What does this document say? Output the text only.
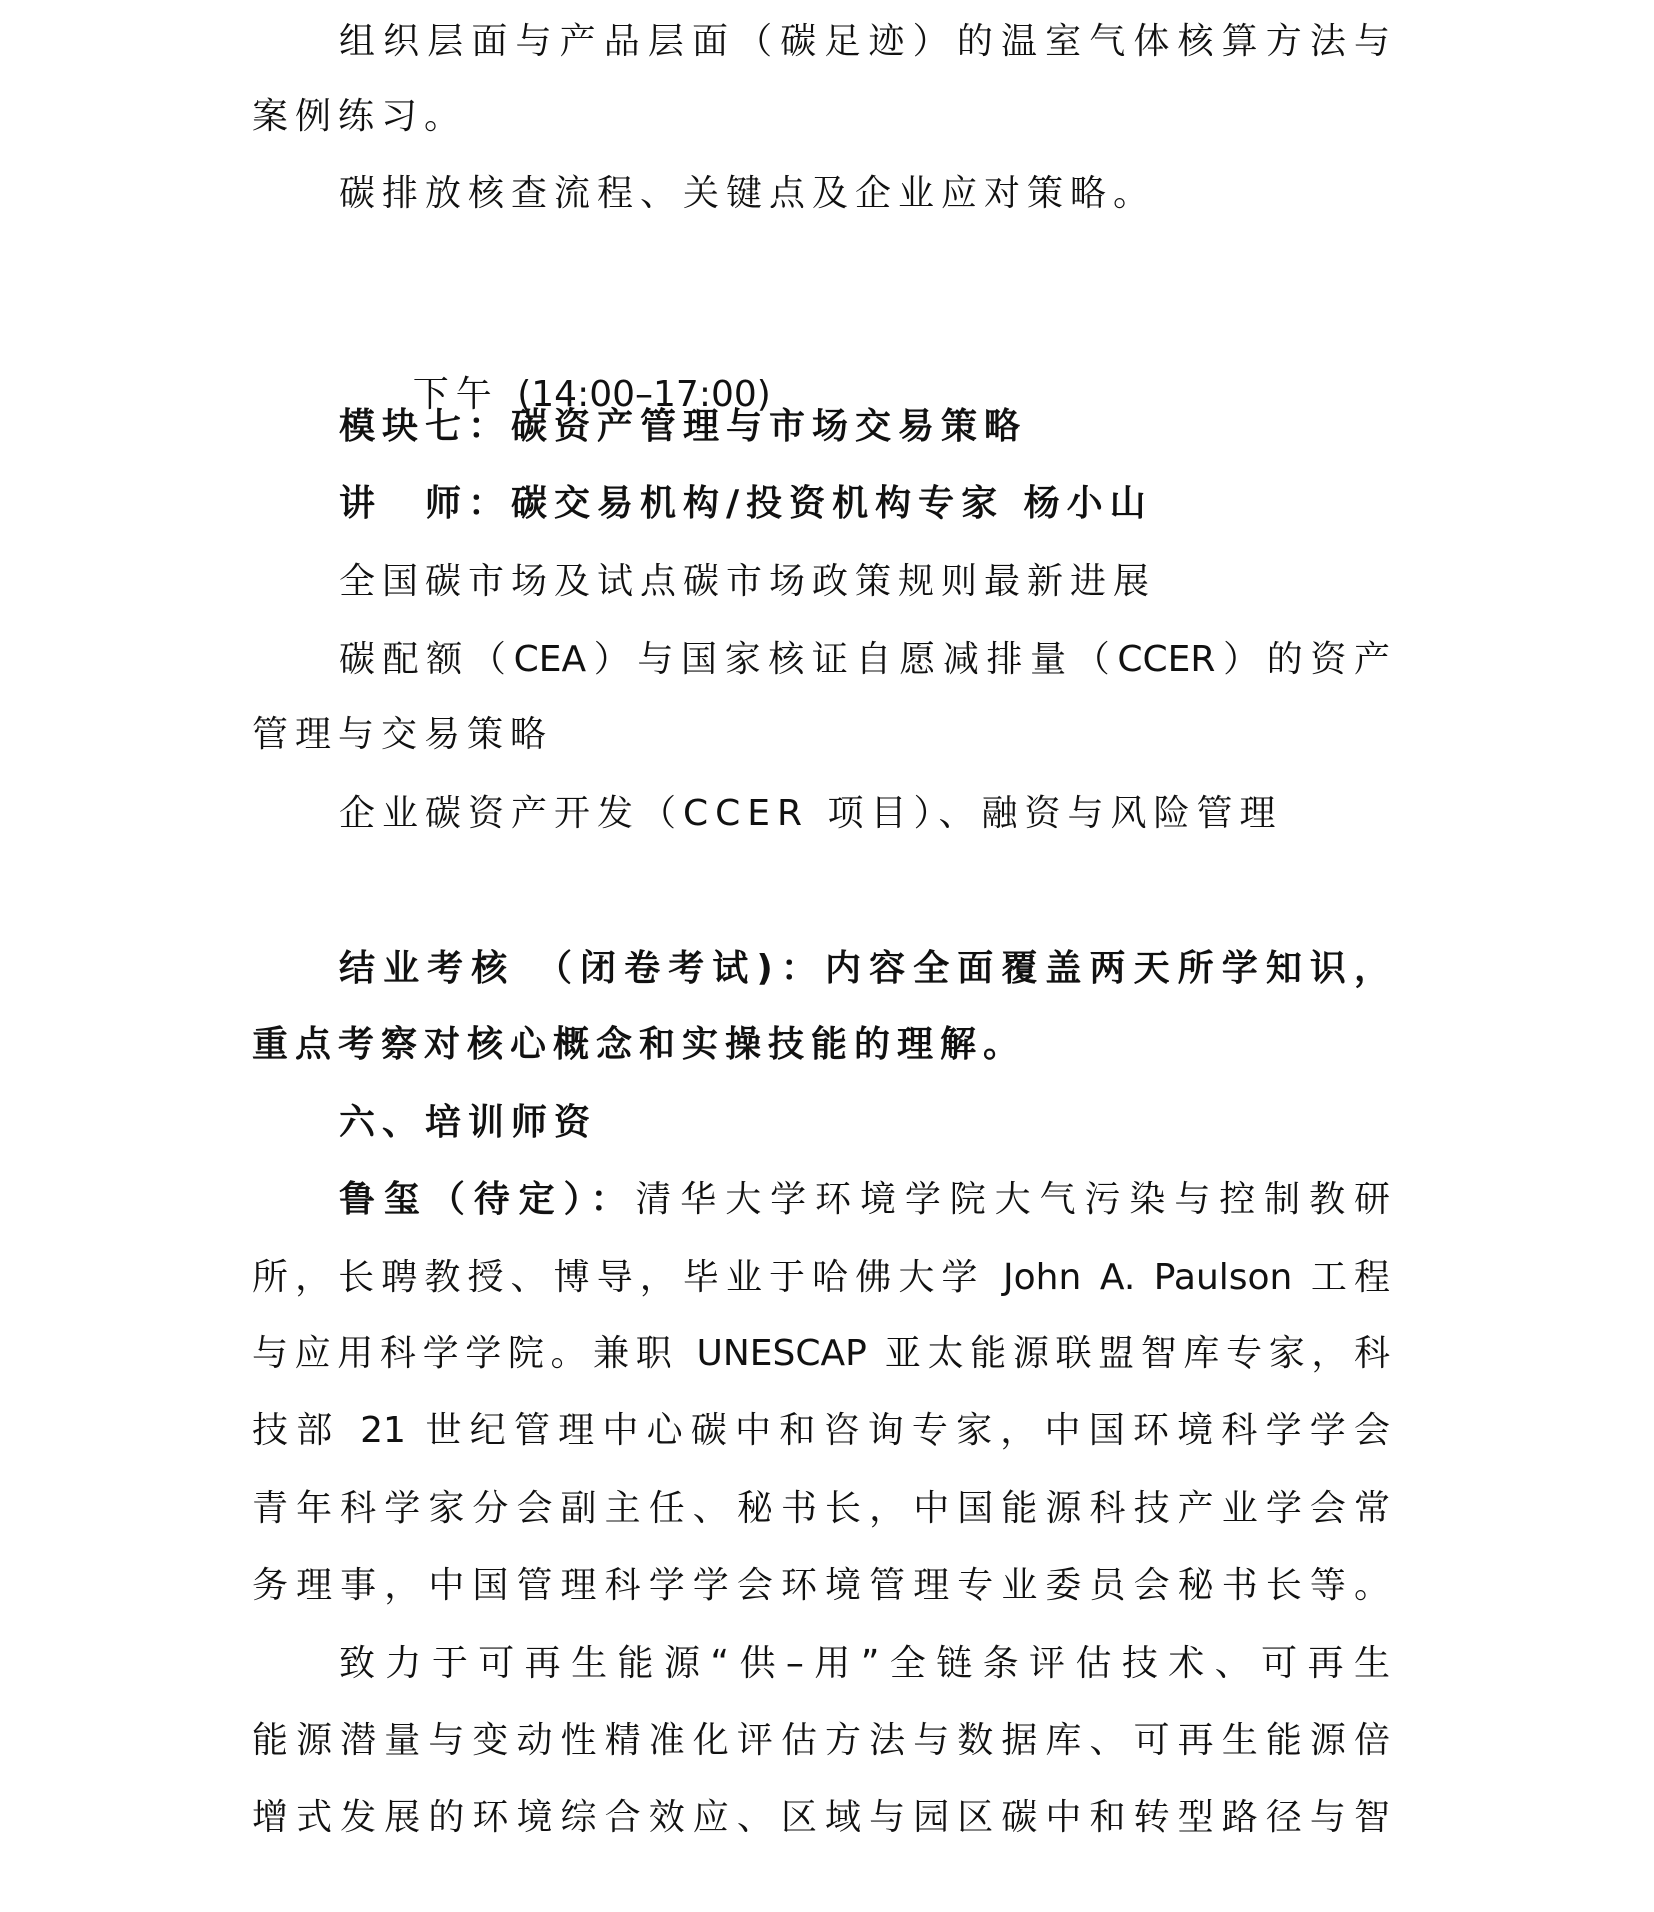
组织层面与产品层面（碳足迹）的温室气体核算方法与
案例练习。
碳排放核查流程、关键点及企业应对策略。

下午 (14:00–17:00)

模块七：碳资产管理与市场交易策略
讲　师：碳交易机构/投资机构专家 杨小山
全国碳市场及试点碳市场政策规则最新进展
碳配额（CEA）与国家核证自愿减排量（CCER）的资产
管理与交易策略
企业碳资产开发（CCER 项目）、融资与风险管理
结业考核 （闭卷考试)：内容全面覆盖两天所学知识，
重点考察对核心概念和实操技能的理解。
六、培训师资
鲁玺（待定）：清华大学环境学院大气污染与控制教研
所，长聘教授、博导，毕业于哈佛大学 John A. Paulson 工程
与应用科学学院。兼职 UNESCAP 亚太能源联盟智库专家，科
技部 21 世纪管理中心碳中和咨询专家，中国环境科学学会
青年科学家分会副主任、秘书长，中国能源科技产业学会常
务理事，中国管理科学学会环境管理专业委员会秘书长等。
致力于可再生能源“供–用”全链条评估技术、可再生
能源潜量与变动性精准化评估方法与数据库、可再生能源倍
增式发展的环境综合效应、区域与园区碳中和转型路径与智
